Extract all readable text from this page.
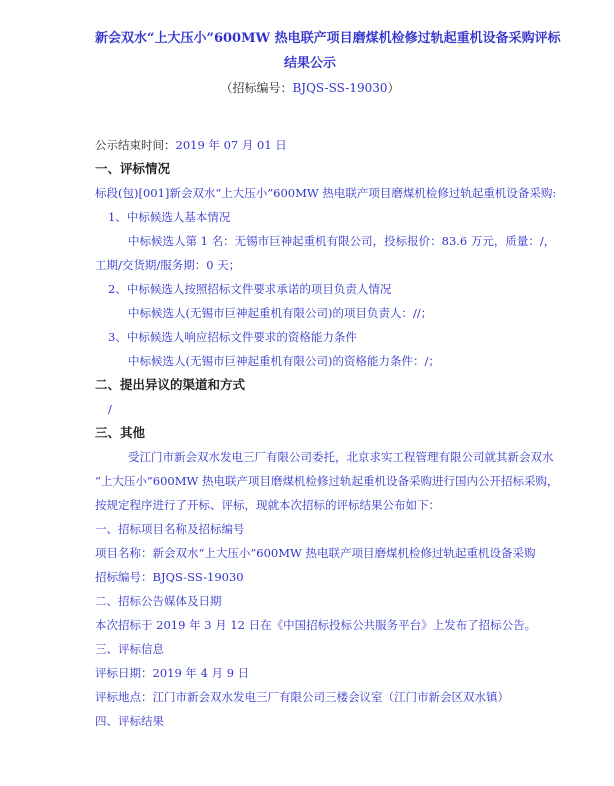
新会双水“上大压小”600MW 热电联产项目磨煤机检修过轨起重机设备采购评标
结果公示
（招标编号：BJQS-SS-19030）
公示结束时间：2019 年 07 月 01 日
一、评标情况
标段(包)[001]新会双水“上大压小”600MW 热电联产项目磨煤机检修过轨起重机设备采购:
1、中标候选人基本情况
中标候选人第 1 名：无锡市巨神起重机有限公司，投标报价：83.6 万元，质量：/，
工期/交货期/服务期：0 天；
2、中标候选人按照招标文件要求承诺的项目负责人情况
中标候选人(无锡市巨神起重机有限公司)的项目负责人：//；
3、中标候选人响应招标文件要求的资格能力条件
中标候选人(无锡市巨神起重机有限公司)的资格能力条件：/；
二、提出异议的渠道和方式
/
三、其他
受江门市新会双水发电三厂有限公司委托，北京求实工程管理有限公司就其新会双水
“上大压小”600MW 热电联产项目磨煤机检修过轨起重机设备采购进行国内公开招标采购，
按规定程序进行了开标、评标，现就本次招标的评标结果公布如下：
一、招标项目名称及招标编号
项目名称：新会双水“上大压小”600MW 热电联产项目磨煤机检修过轨起重机设备采购
招标编号：BJQS-SS-19030
二、招标公告媒体及日期
本次招标于 2019 年 3 月 12 日在《中国招标投标公共服务平台》上发布了招标公告。
三、评标信息
评标日期：2019 年 4 月 9 日
评标地点：江门市新会双水发电三厂有限公司三楼会议室（江门市新会区双水镇）
四、评标结果
